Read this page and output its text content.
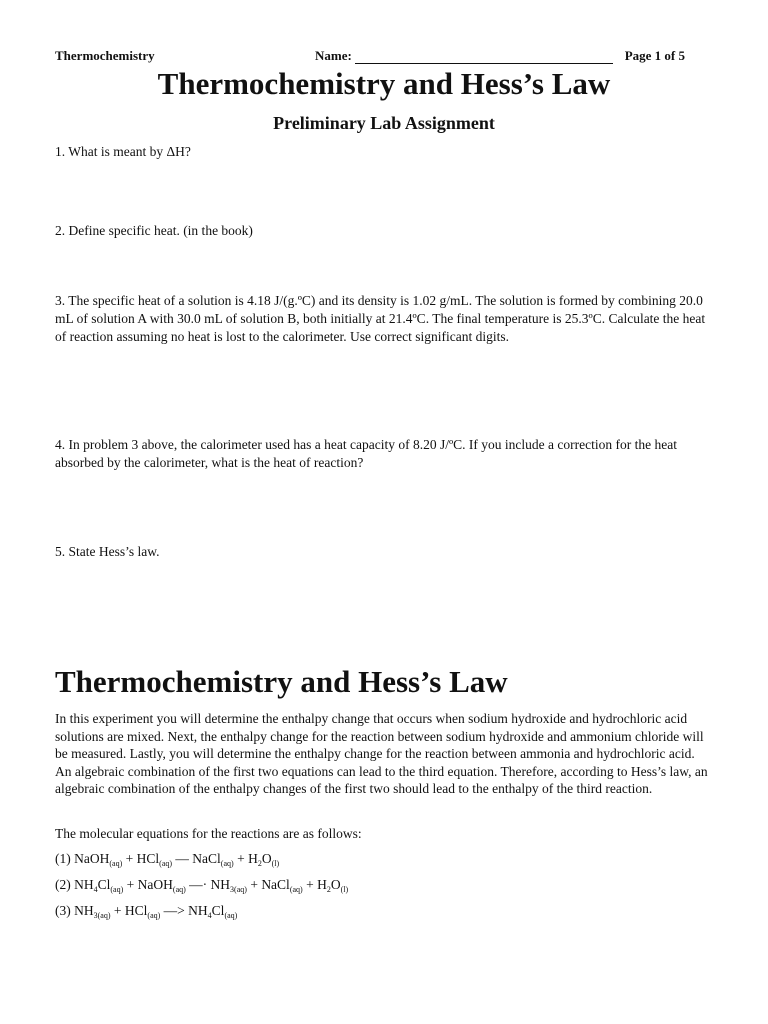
Thermochemistry	Name:	Page 1 of 5
Thermochemistry and Hess’s Law
Preliminary Lab Assignment
1. What is meant by ΔH?
2. Define specific heat. (in the book)
3. The specific heat of a solution is 4.18 J/(g.ºC) and its density is 1.02 g/mL. The solution is formed by combining 20.0 mL of solution A with 30.0 mL of solution B, both initially at 21.4ºC. The final temperature is 25.3ºC. Calculate the heat of reaction assuming no heat is lost to the calorimeter. Use correct significant digits.
4. In problem 3 above, the calorimeter used has a heat capacity of 8.20 J/ºC. If you include a correction for the heat absorbed by the calorimeter, what is the heat of reaction?
5. State Hess’s law.
Thermochemistry and Hess’s Law
In this experiment you will determine the enthalpy change that occurs when sodium hydroxide and hydrochloric acid solutions are mixed. Next, the enthalpy change for the reaction between sodium hydroxide and ammonium chloride will be measured. Lastly, you will determine the enthalpy change for the reaction between ammonia and hydrochloric acid. An algebraic combination of the first two equations can lead to the third equation. Therefore, according to Hess’s law, an algebraic combination of the enthalpy changes of the first two should lead to the enthalpy of the third reaction.
The molecular equations for the reactions are as follows:
(1) NaOH$_{(aq)}$ + HCl$_{(aq)}$ — NaCl$_{(aq)}$ + $H_2O_{(l)}$
(2) $NH_4Cl_{(aq)}$ + NaOH$_{(aq)}$ —· $NH_{3(aq)}$ + NaCl$_{(aq)}$ + $H_2O_{(l)}$
(3) $NH_{3(aq)} + HCl_{(aq)}$ —> $NH_4Cl_{(aq)}$
